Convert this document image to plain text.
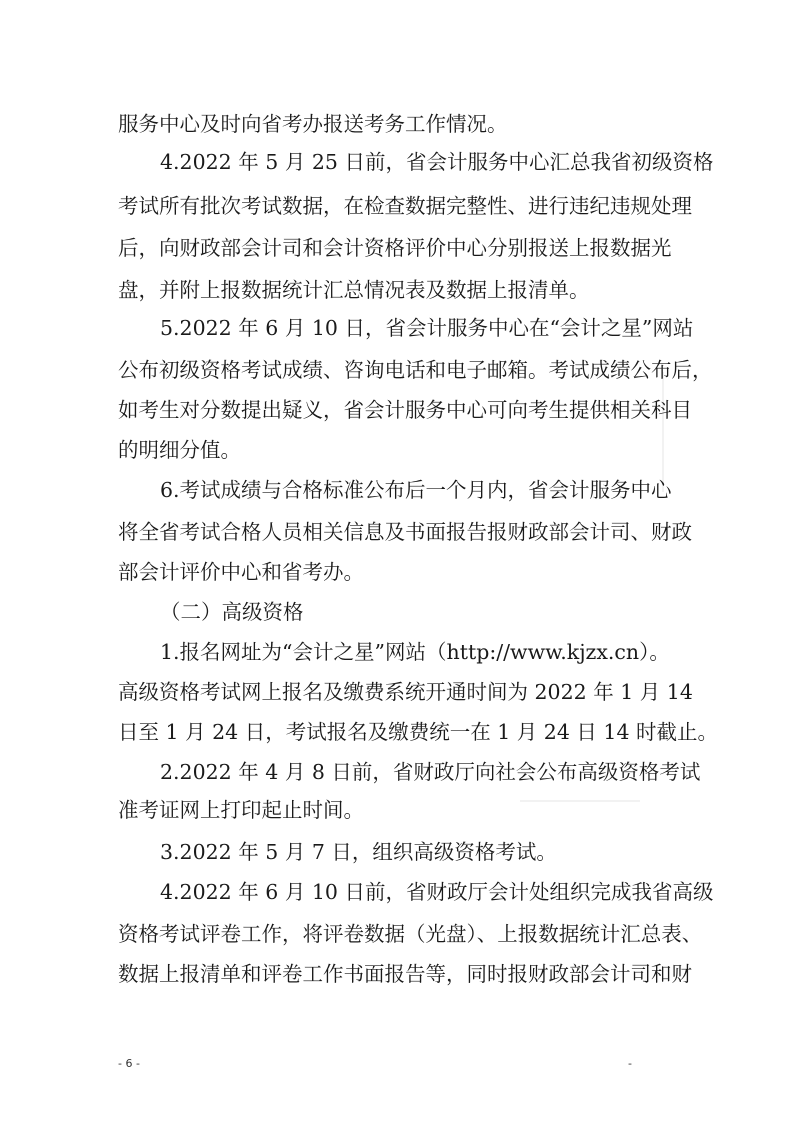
服务中心及时向省考办报送考务工作情况。
4.2022 年 5 月 25 日前，省会计服务中心汇总我省初级资格
考试所有批次考试数据，在检查数据完整性、进行违纪违规处理
后，向财政部会计司和会计资格评价中心分别报送上报数据光
盘，并附上报数据统计汇总情况表及数据上报清单。
5.2022 年 6 月 10 日，省会计服务中心在“会计之星”网站
公布初级资格考试成绩、咨询电话和电子邮箱。考试成绩公布后，
如考生对分数提出疑义，省会计服务中心可向考生提供相关科目
的明细分值。
6.考试成绩与合格标准公布后一个月内，省会计服务中心
将全省考试合格人员相关信息及书面报告报财政部会计司、财政
部会计评价中心和省考办。
（二）高级资格
1.报名网址为“会计之星”网站（http://www.kjzx.cn）。
高级资格考试网上报名及缴费系统开通时间为 2022 年 1 月 14
日至 1 月 24 日，考试报名及缴费统一在 1 月 24 日 14 时截止。
2.2022 年 4 月 8 日前，省财政厅向社会公布高级资格考试
准考证网上打印起止时间。
3.2022 年 5 月 7 日，组织高级资格考试。
4.2022 年 6 月 10 日前，省财政厅会计处组织完成我省高级
资格考试评卷工作，将评卷数据（光盘）、上报数据统计汇总表、
数据上报清单和评卷工作书面报告等，同时报财政部会计司和财
- 6 -	-
